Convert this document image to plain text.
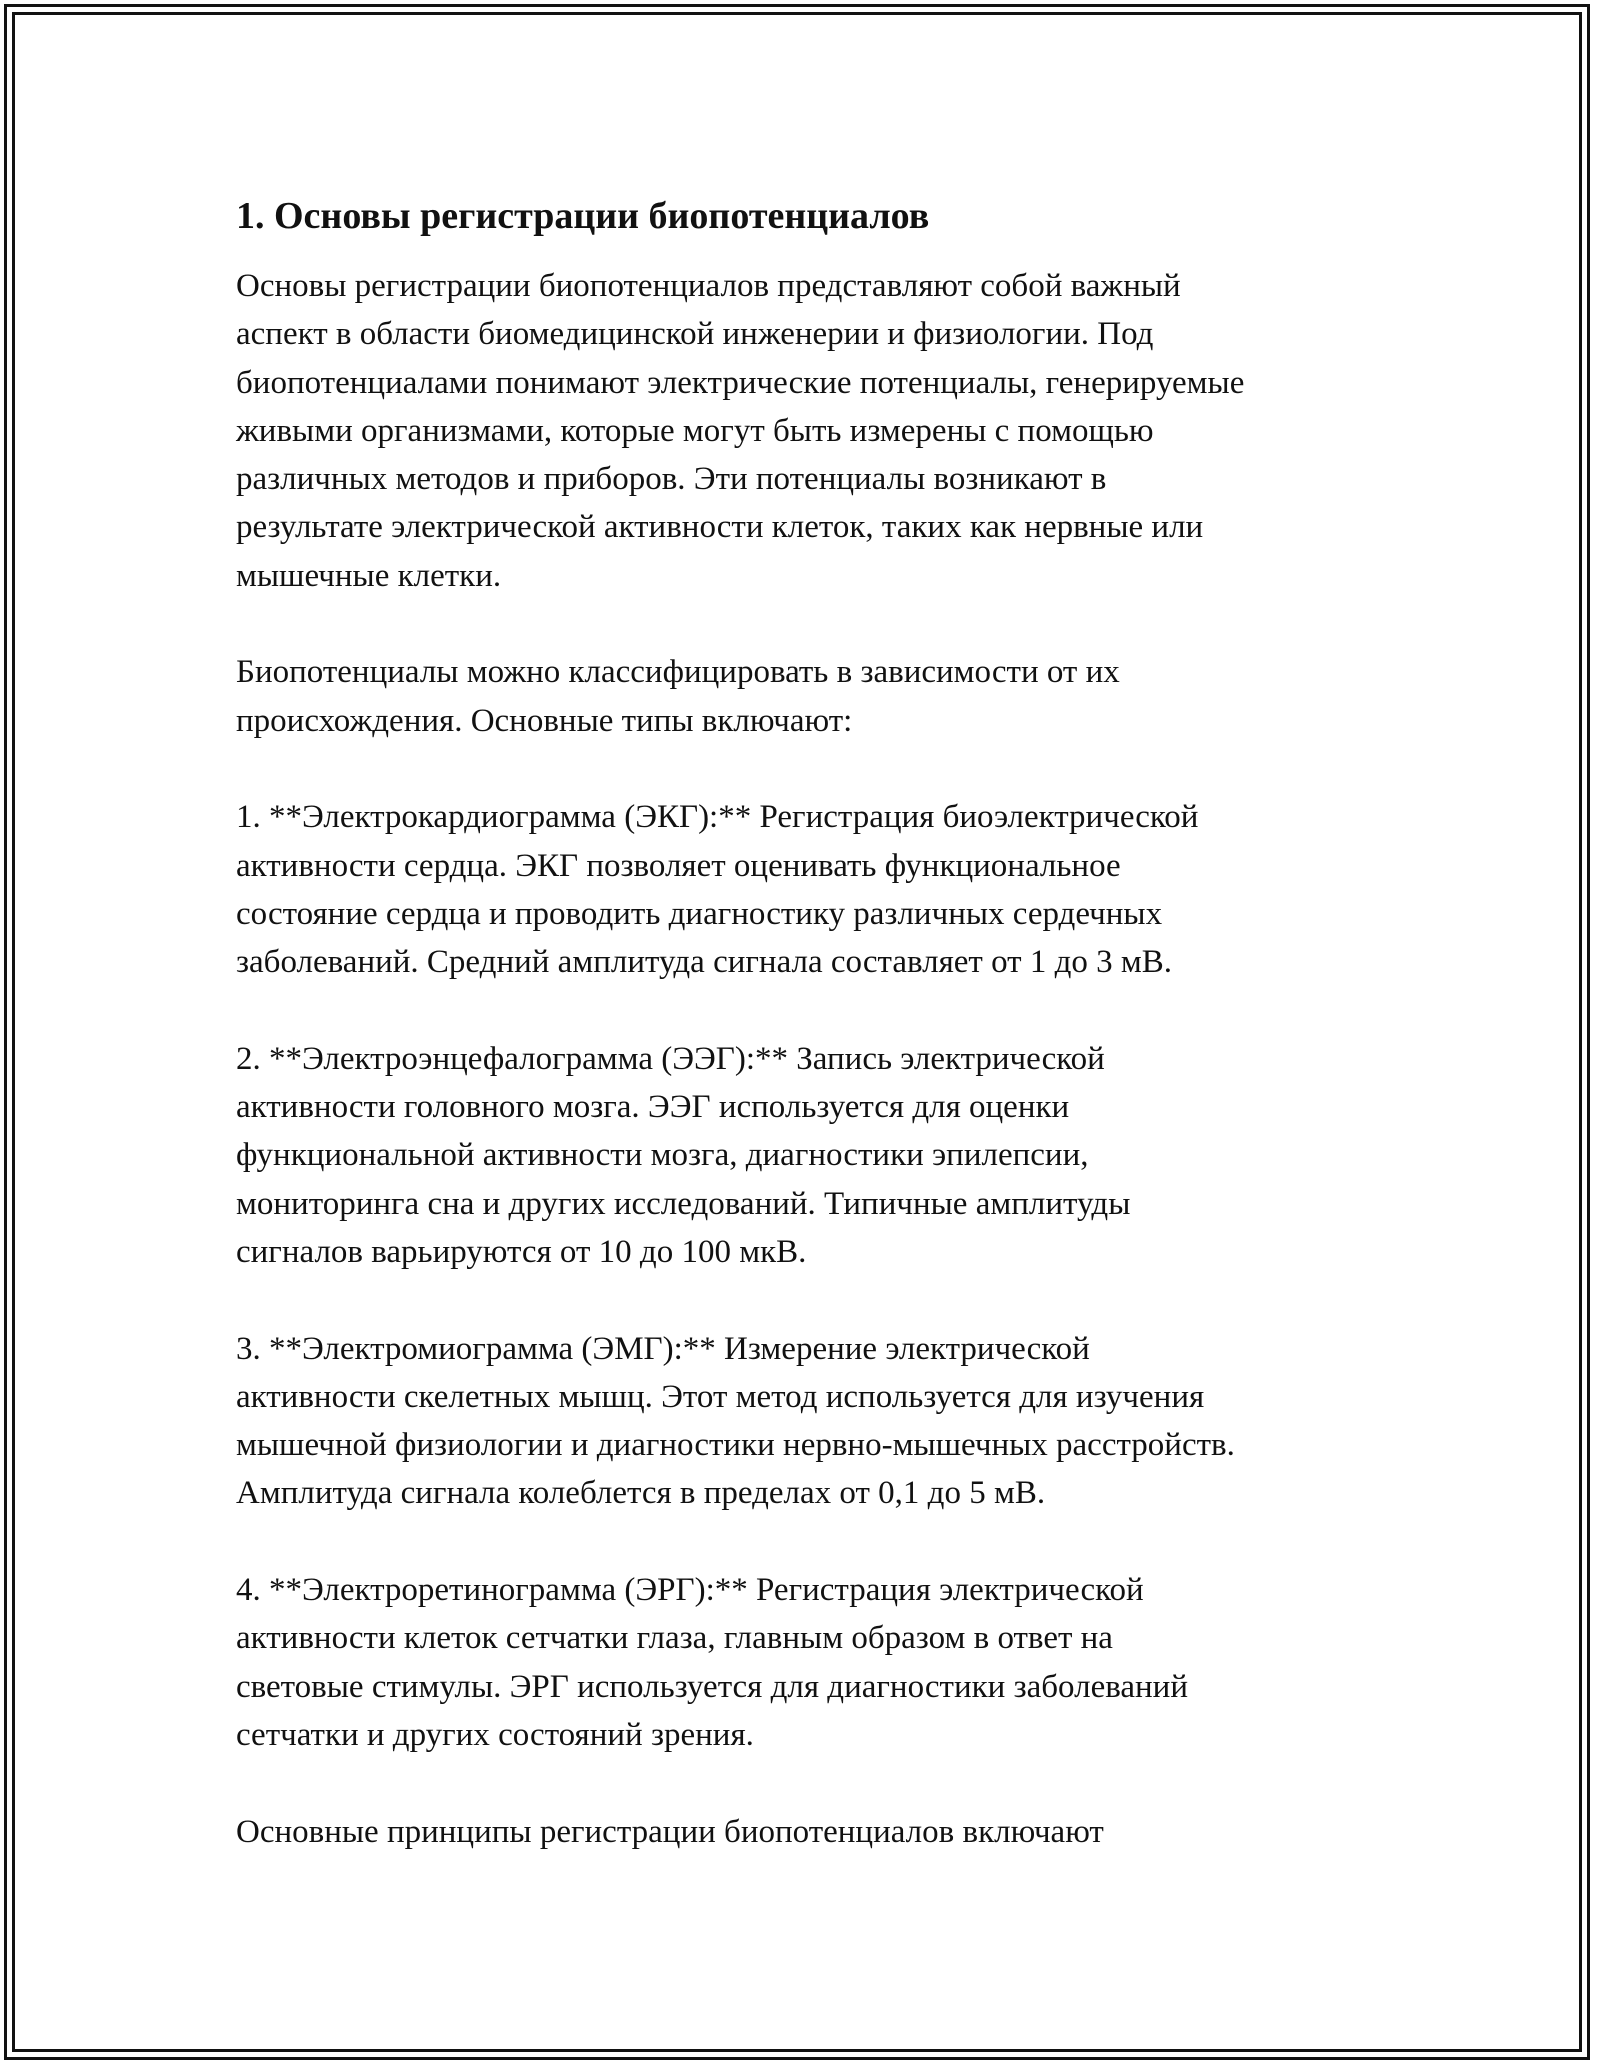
1. Основы регистрации биопотенциалов

Основы регистрации биопотенциалов представляют собой важный
аспект в области биомедицинской инженерии и физиологии. Под
биопотенциалами понимают электрические потенциалы, генерируемые
живыми организмами, которые могут быть измерены с помощью
различных методов и приборов. Эти потенциалы возникают в
результате электрической активности клеток, таких как нервные или
мышечные клетки.

Биопотенциалы можно классифицировать в зависимости от их
происхождения. Основные типы включают:

1. **Электрокардиограмма (ЭКГ):** Регистрация биоэлектрической
активности сердца. ЭКГ позволяет оценивать функциональное
состояние сердца и проводить диагностику различных сердечных
заболеваний. Средний амплитуда сигнала составляет от 1 до 3 мВ.

2. **Электроэнцефалограмма (ЭЭГ):** Запись электрической
активности головного мозга. ЭЭГ используется для оценки
функциональной активности мозга, диагностики эпилепсии,
мониторинга сна и других исследований. Типичные амплитуды
сигналов варьируются от 10 до 100 мкВ.

3. **Электромиограмма (ЭМГ):** Измерение электрической
активности скелетных мышц. Этот метод используется для изучения
мышечной физиологии и диагностики нервно-мышечных расстройств.
Амплитуда сигнала колеблется в пределах от 0,1 до 5 мВ.

4. **Электроретинограмма (ЭРГ):** Регистрация электрической
активности клеток сетчатки глаза, главным образом в ответ на
световые стимулы. ЭРГ используется для диагностики заболеваний
сетчатки и других состояний зрения.

Основные принципы регистрации биопотенциалов включают
